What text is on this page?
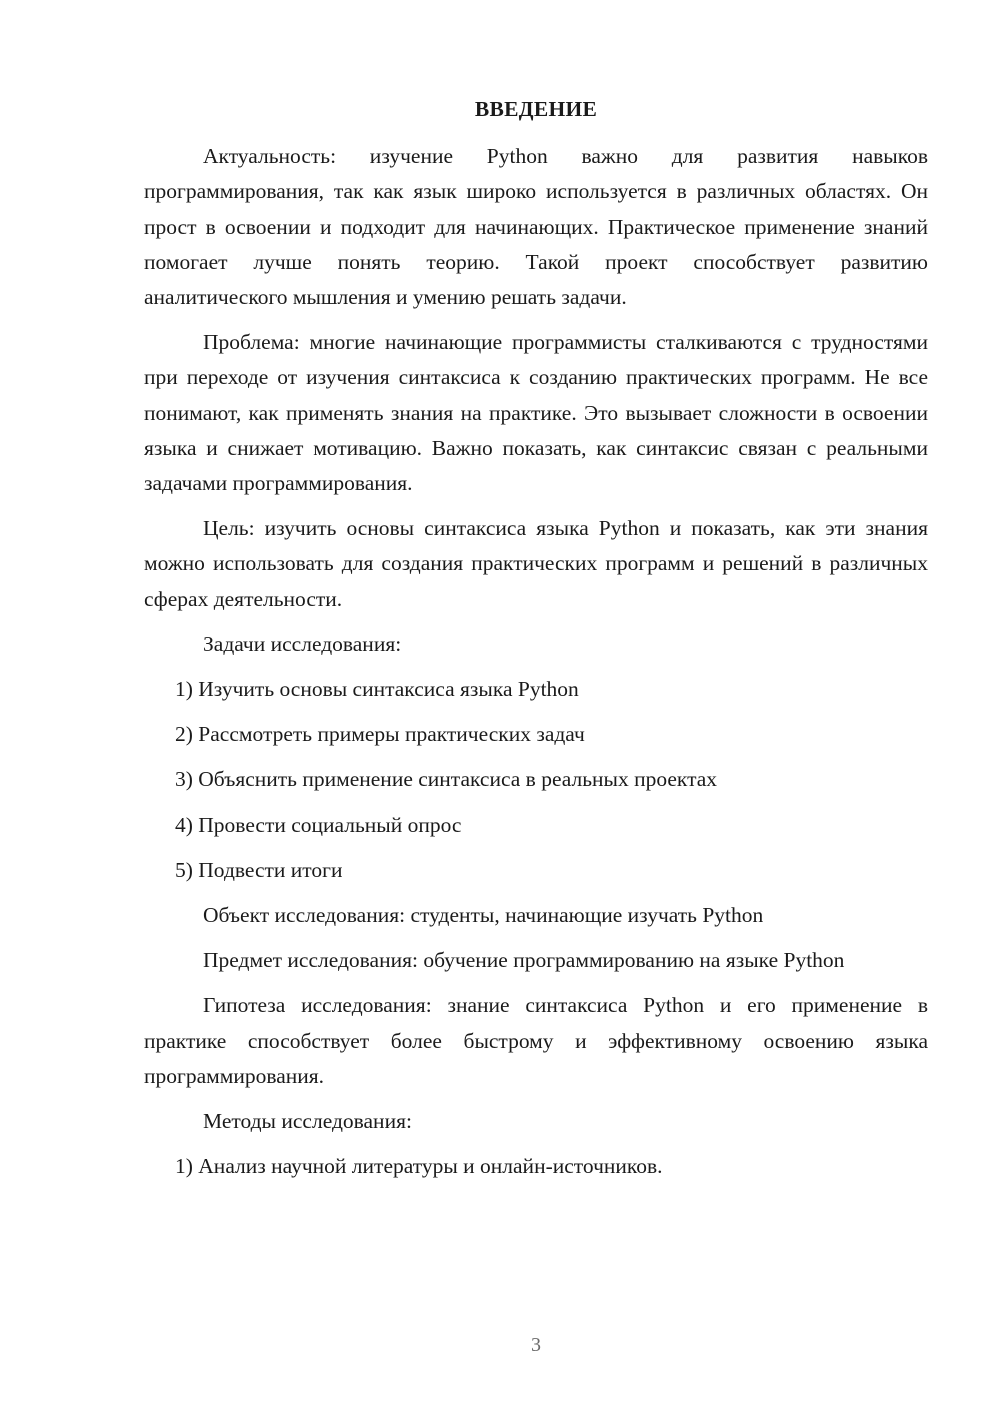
ВВЕДЕНИЕ

Актуальность: изучение Python важно для развития навыков программирования, так как язык широко используется в различных областях. Он прост в освоении и подходит для начинающих. Практическое применение знаний помогает лучше понять теорию. Такой проект способствует развитию аналитического мышления и умению решать задачи.

Проблема: многие начинающие программисты сталкиваются с трудностями при переходе от изучения синтаксиса к созданию практических программ. Не все понимают, как применять знания на практике. Это вызывает сложности в освоении языка и снижает мотивацию. Важно показать, как синтаксис связан с реальными задачами программирования.

Цель: изучить основы синтаксиса языка Python и показать, как эти знания можно использовать для создания практических программ и решений в различных сферах деятельности.

Задачи исследования:

1) Изучить основы синтаксиса языка Python
2) Рассмотреть примеры практических задач
3) Объяснить применение синтаксиса в реальных проектах
4) Провести социальный опрос
5) Подвести итоги

Объект исследования: студенты, начинающие изучать Python

Предмет исследования: обучение программированию на языке Python

Гипотеза исследования: знание синтаксиса Python и его применение в практике способствует более быстрому и эффективному освоению языка программирования.

Методы исследования:

1) Анализ научной литературы и онлайн-источников.
3
